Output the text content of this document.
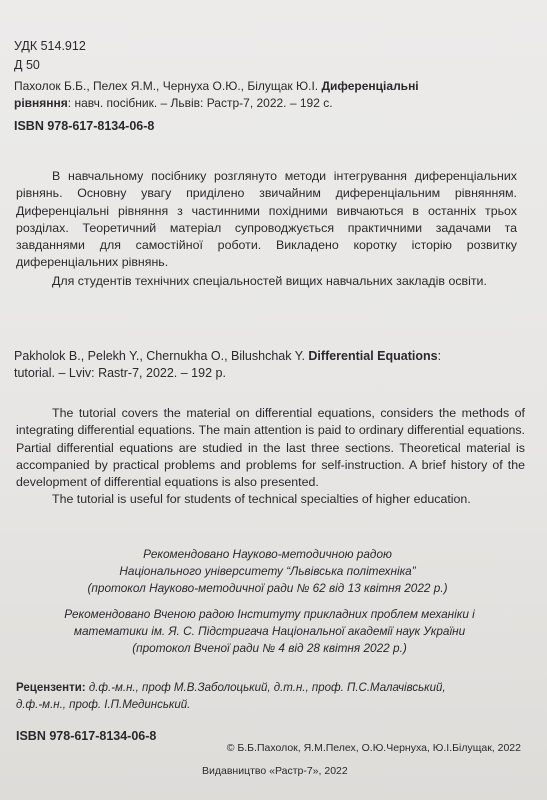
УДК 514.912
Д 50
Пахолок Б.Б., Пелех Я.М., Чернуха О.Ю., Білущак Ю.І. Диференціальні
рівняння: навч. посібник. – Львів: Растр-7, 2022. – 192 с.
ISBN 978-617-8134-06-8

В навчальному посібнику розглянуто методи інтегрування диференціальних рівнянь. Основну увагу приділено звичайним диференціальним рівнянням. Диференціальні рівняння з частинними похідними вивчаються в останніх трьох розділах. Теоретичний матеріал супроводжується практичними задачами та завданнями для самостійної роботи. Викладено коротку історію розвитку диференціальних рівнянь.

Для студентів технічних спеціальностей вищих навчальних закладів освіти.

Pakholok B., Pelekh Y., Chernukha O., Bilushchak Y. Differential Equations:
tutorial. – Lviv: Rastr-7, 2022. – 192 p.

The tutorial covers the material on differential equations, considers the methods of integrating differential equations. The main attention is paid to ordinary differential equations. Partial differential equations are studied in the last three sections. Theoretical material is accompanied by practical problems and problems for self-instruction. A brief history of the development of differential equations is also presented.

The tutorial is useful for students of technical specialties of higher education.

Рекомендовано Науково-методичною радою
Національного університету “Львівська політехніка”
(протокол Науково-методичної ради № 62 від 13 квітня 2022 р.)
Рекомендовано Вченою радою Інституту прикладних проблем механіки і
математики ім. Я. С. Підстригача Національної академії наук України
(протокол Вченої ради № 4 від 28 квітня 2022 р.)
Рецензенти: д.ф.-м.н., проф М.В.Заболоцький, д.т.н., проф. П.С.Малачівський,
д.ф.-м.н., проф. І.П.Мединський.
ISBN 978-617-8134-06-8
© Б.Б.Пахолок, Я.М.Пелех, О.Ю.Чернуха, Ю.І.Білущак, 2022
Видавництво «Растр-7», 2022
